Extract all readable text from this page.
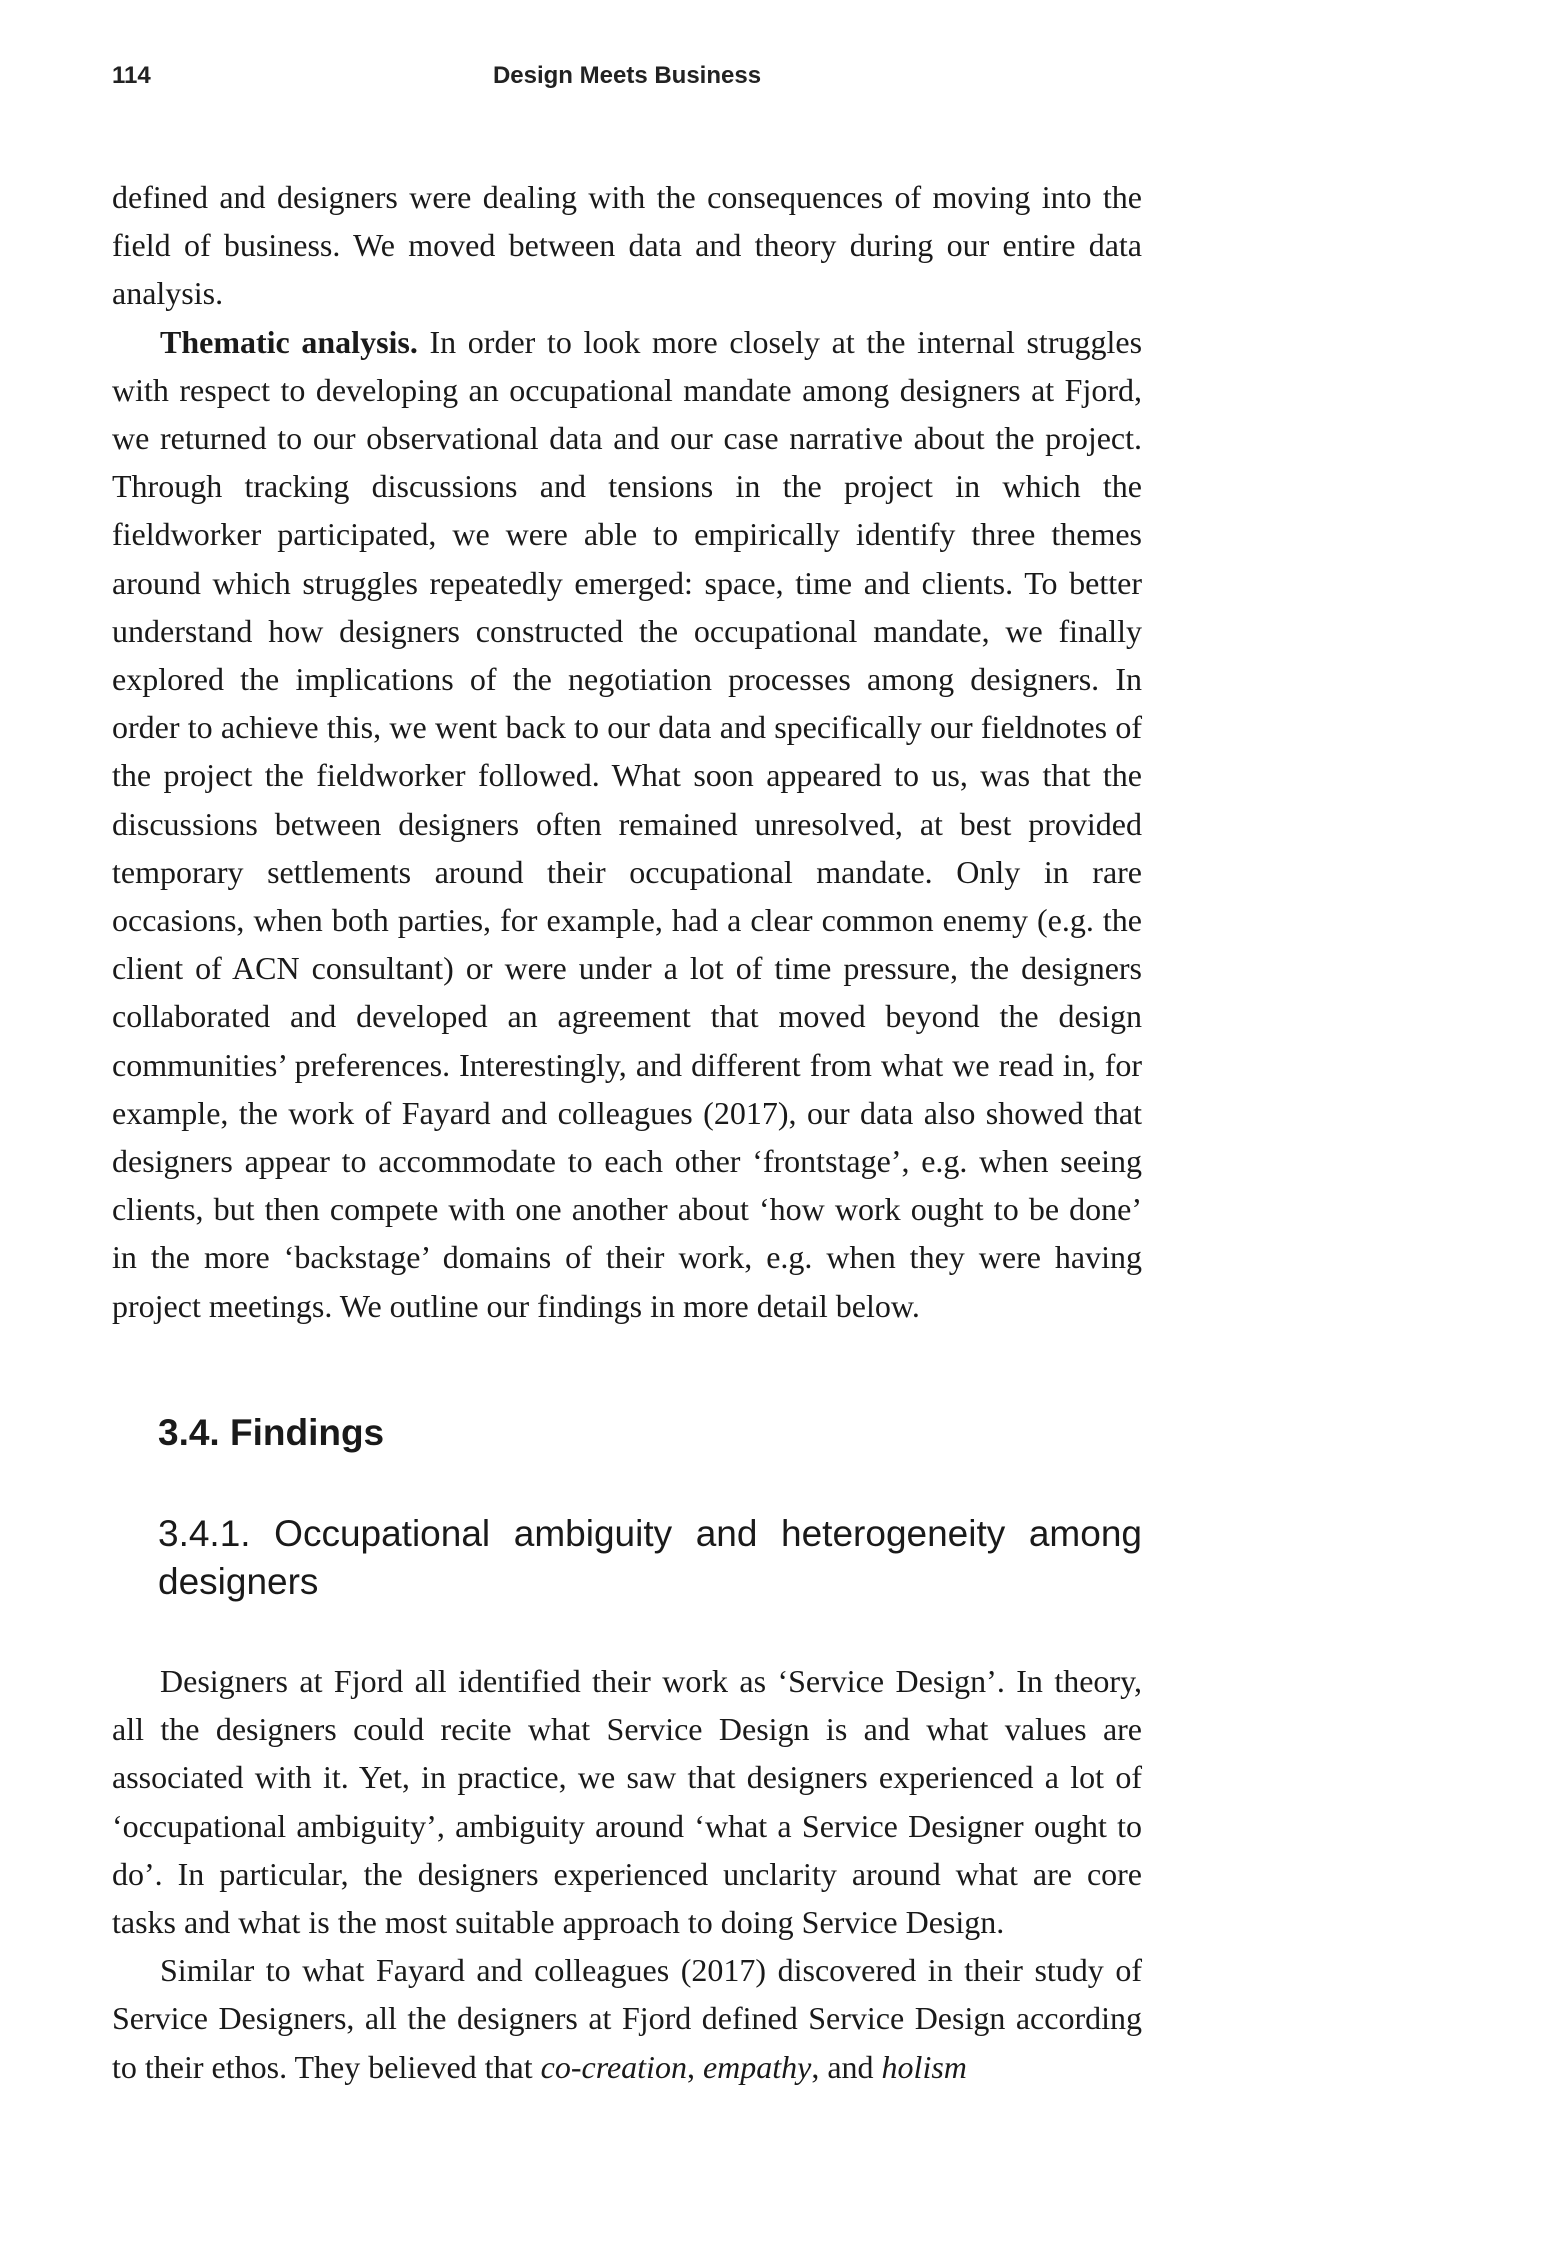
114	Design Meets Business

defined and designers were dealing with the consequences of moving into the field of business. We moved between data and theory during our entire data analysis.

Thematic analysis. In order to look more closely at the internal struggles with respect to developing an occupational mandate among designers at Fjord, we returned to our observational data and our case narrative about the project. Through tracking discussions and tensions in the project in which the fieldworker participated, we were able to empirically identify three themes around which struggles repeatedly emerged: space, time and clients. To better understand how designers constructed the occupational mandate, we finally explored the implications of the negotiation processes among designers. In order to achieve this, we went back to our data and specifically our fieldnotes of the project the fieldworker followed. What soon appeared to us, was that the discussions between designers often remained unresolved, at best provided temporary settlements around their occupational mandate. Only in rare occasions, when both parties, for example, had a clear common enemy (e.g. the client of ACN consultant) or were under a lot of time pressure, the designers collaborated and developed an agreement that moved beyond the design communities’ preferences. Interestingly, and different from what we read in, for example, the work of Fayard and colleagues (2017), our data also showed that designers appear to accommodate to each other ‘frontstage’, e.g. when seeing clients, but then compete with one another about ‘how work ought to be done’ in the more ‘backstage’ domains of their work, e.g. when they were having project meetings. We outline our findings in more detail below.

3.4. Findings
3.4.1. Occupational ambiguity and heterogeneity among designers

Designers at Fjord all identified their work as ‘Service Design’. In theory, all the designers could recite what Service Design is and what values are associated with it. Yet, in practice, we saw that designers experienced a lot of ‘occupational ambiguity’, ambiguity around ‘what a Service Designer ought to do’. In particular, the designers experienced unclarity around what are core tasks and what is the most suitable approach to doing Service Design.

Similar to what Fayard and colleagues (2017) discovered in their study of Service Designers, all the designers at Fjord defined Service Design according to their ethos. They believed that co-creation, empathy, and holism
